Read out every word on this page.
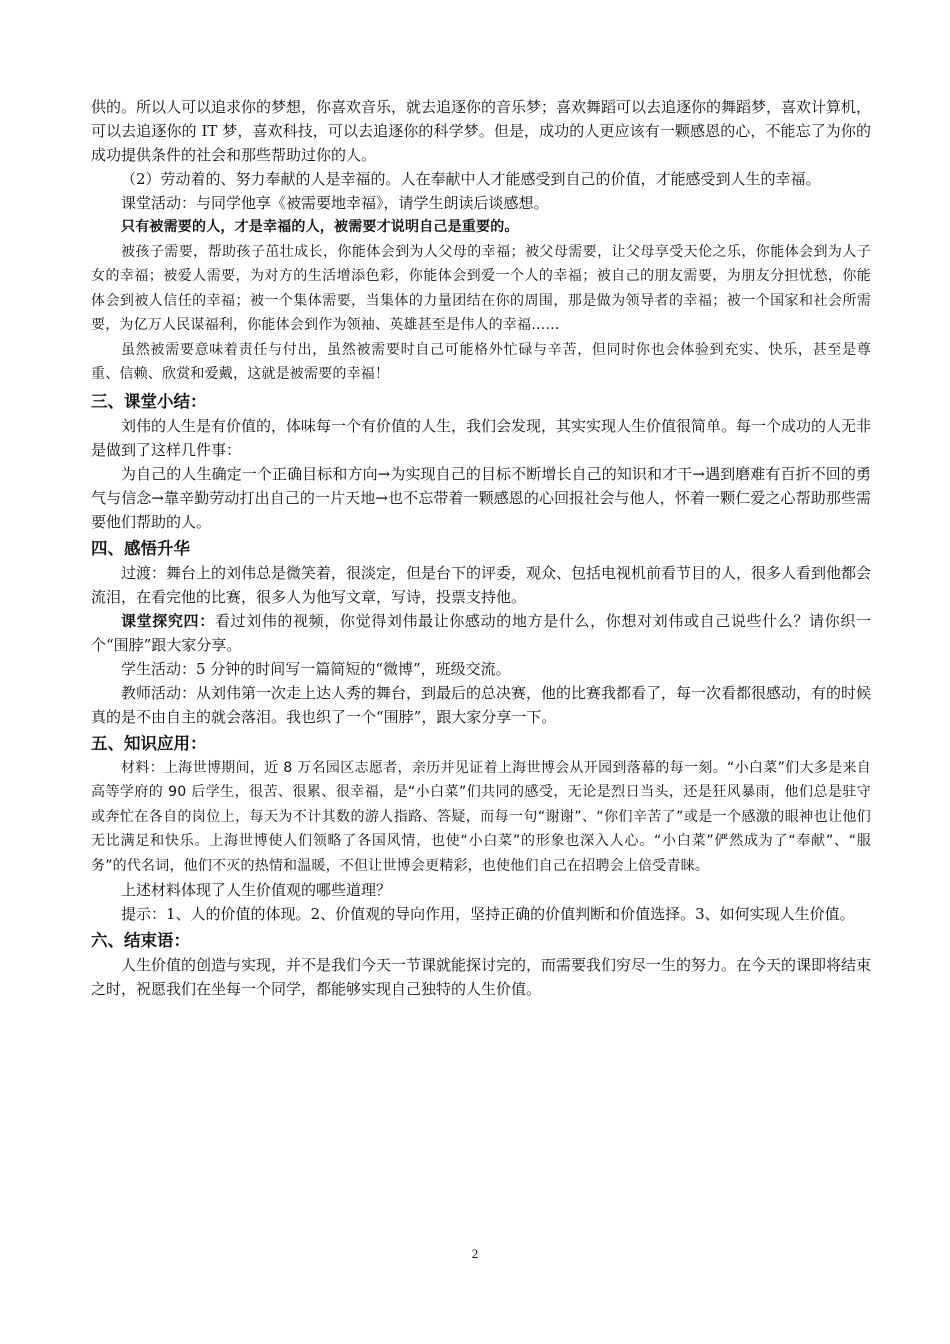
供的。所以人可以追求你的梦想，你喜欢音乐，就去追逐你的音乐梦；喜欢舞蹈可以去追逐你的舞蹈梦，喜欢计算机，可以去追逐你的 IT 梦，喜欢科技，可以去追逐你的科学梦。但是，成功的人更应该有一颗感恩的心，不能忘了为你的成功提供条件的社会和那些帮助过你的人。

（2）劳动着的、努力奉献的人是幸福的。人在奉献中人才能感受到自己的价值，才能感受到人生的幸福。

课堂活动：与同学他享《被需要地幸福》，请学生朗读后谈感想。

只有被需要的人，才是幸福的人，被需要才说明自己是重要的。

被孩子需要，帮助孩子茁壮成长，你能体会到为人父母的幸福；被父母需要，让父母享受天伦之乐，你能体会到为人子女的幸福；被爱人需要，为对方的生活增添色彩，你能体会到爱一个人的幸福；被自己的朋友需要，为朋友分担忧愁，你能体会到被人信任的幸福；被一个集体需要，当集体的力量团结在你的周围，那是做为领导者的幸福；被一个国家和社会所需要，为亿万人民谋福利，你能体会到作为领袖、英雄甚至是伟人的幸福……

虽然被需要意味着责任与付出，虽然被需要时自己可能格外忙碌与辛苦，但同时你也会体验到充实、快乐，甚至是尊重、信赖、欣赏和爱戴，这就是被需要的幸福！

三、课堂小结：

刘伟的人生是有价值的，体味每一个有价值的人生，我们会发现，其实实现人生价值很简单。每一个成功的人无非是做到了这样几件事：

为自己的人生确定一个正确目标和方向→为实现自己的目标不断增长自己的知识和才干→遇到磨难有百折不回的勇气与信念→靠辛勤劳动打出自己的一片天地→也不忘带着一颗感恩的心回报社会与他人，怀着一颗仁爱之心帮助那些需要他们帮助的人。

四、感悟升华

过渡：舞台上的刘伟总是微笑着，很淡定，但是台下的评委，观众、包括电视机前看节目的人，很多人看到他都会流泪，在看完他的比赛，很多人为他写文章，写诗，投票支持他。

课堂探究四：看过刘伟的视频，你觉得刘伟最让你感动的地方是什么，你想对刘伟或自己说些什么？请你织一个“围脖”跟大家分享。

学生活动：5 分钟的时间写一篇简短的“微博”，班级交流。

教师活动：从刘伟第一次走上达人秀的舞台，到最后的总决赛，他的比赛我都看了，每一次看都很感动，有的时候真的是不由自主的就会落泪。我也织了一个“围脖”，跟大家分享一下。

五、知识应用：

材料：上海世博期间，近 8 万名园区志愿者，亲历并见证着上海世博会从开园到落幕的每一刻。“小白菜”们大多是来自高等学府的 90 后学生，很苦、很累、很幸福，是“小白菜”们共同的感受，无论是烈日当头，还是狂风暴雨，他们总是驻守或奔忙在各自的岗位上，每天为不计其数的游人指路、答疑，而每一句“谢谢”、“你们辛苦了”或是一个感激的眼神也让他们无比满足和快乐。上海世博使人们领略了各国风情，也使“小白菜”的形象也深入人心。“小白菜”俨然成为了“奉献”、“服务”的代名词，他们不灭的热情和温暖，不但让世博会更精彩，也使他们自己在招聘会上倍受青睐。

上述材料体现了人生价值观的哪些道理？

提示：1、人的价值的体现。2、价值观的导向作用，坚持正确的价值判断和价值选择。3、如何实现人生价值。

六、结束语：

人生价值的创造与实现，并不是我们今天一节课就能探讨完的，而需要我们穷尽一生的努力。在今天的课即将结束之时，祝愿我们在坐每一个同学，都能够实现自己独特的人生价值。

2
